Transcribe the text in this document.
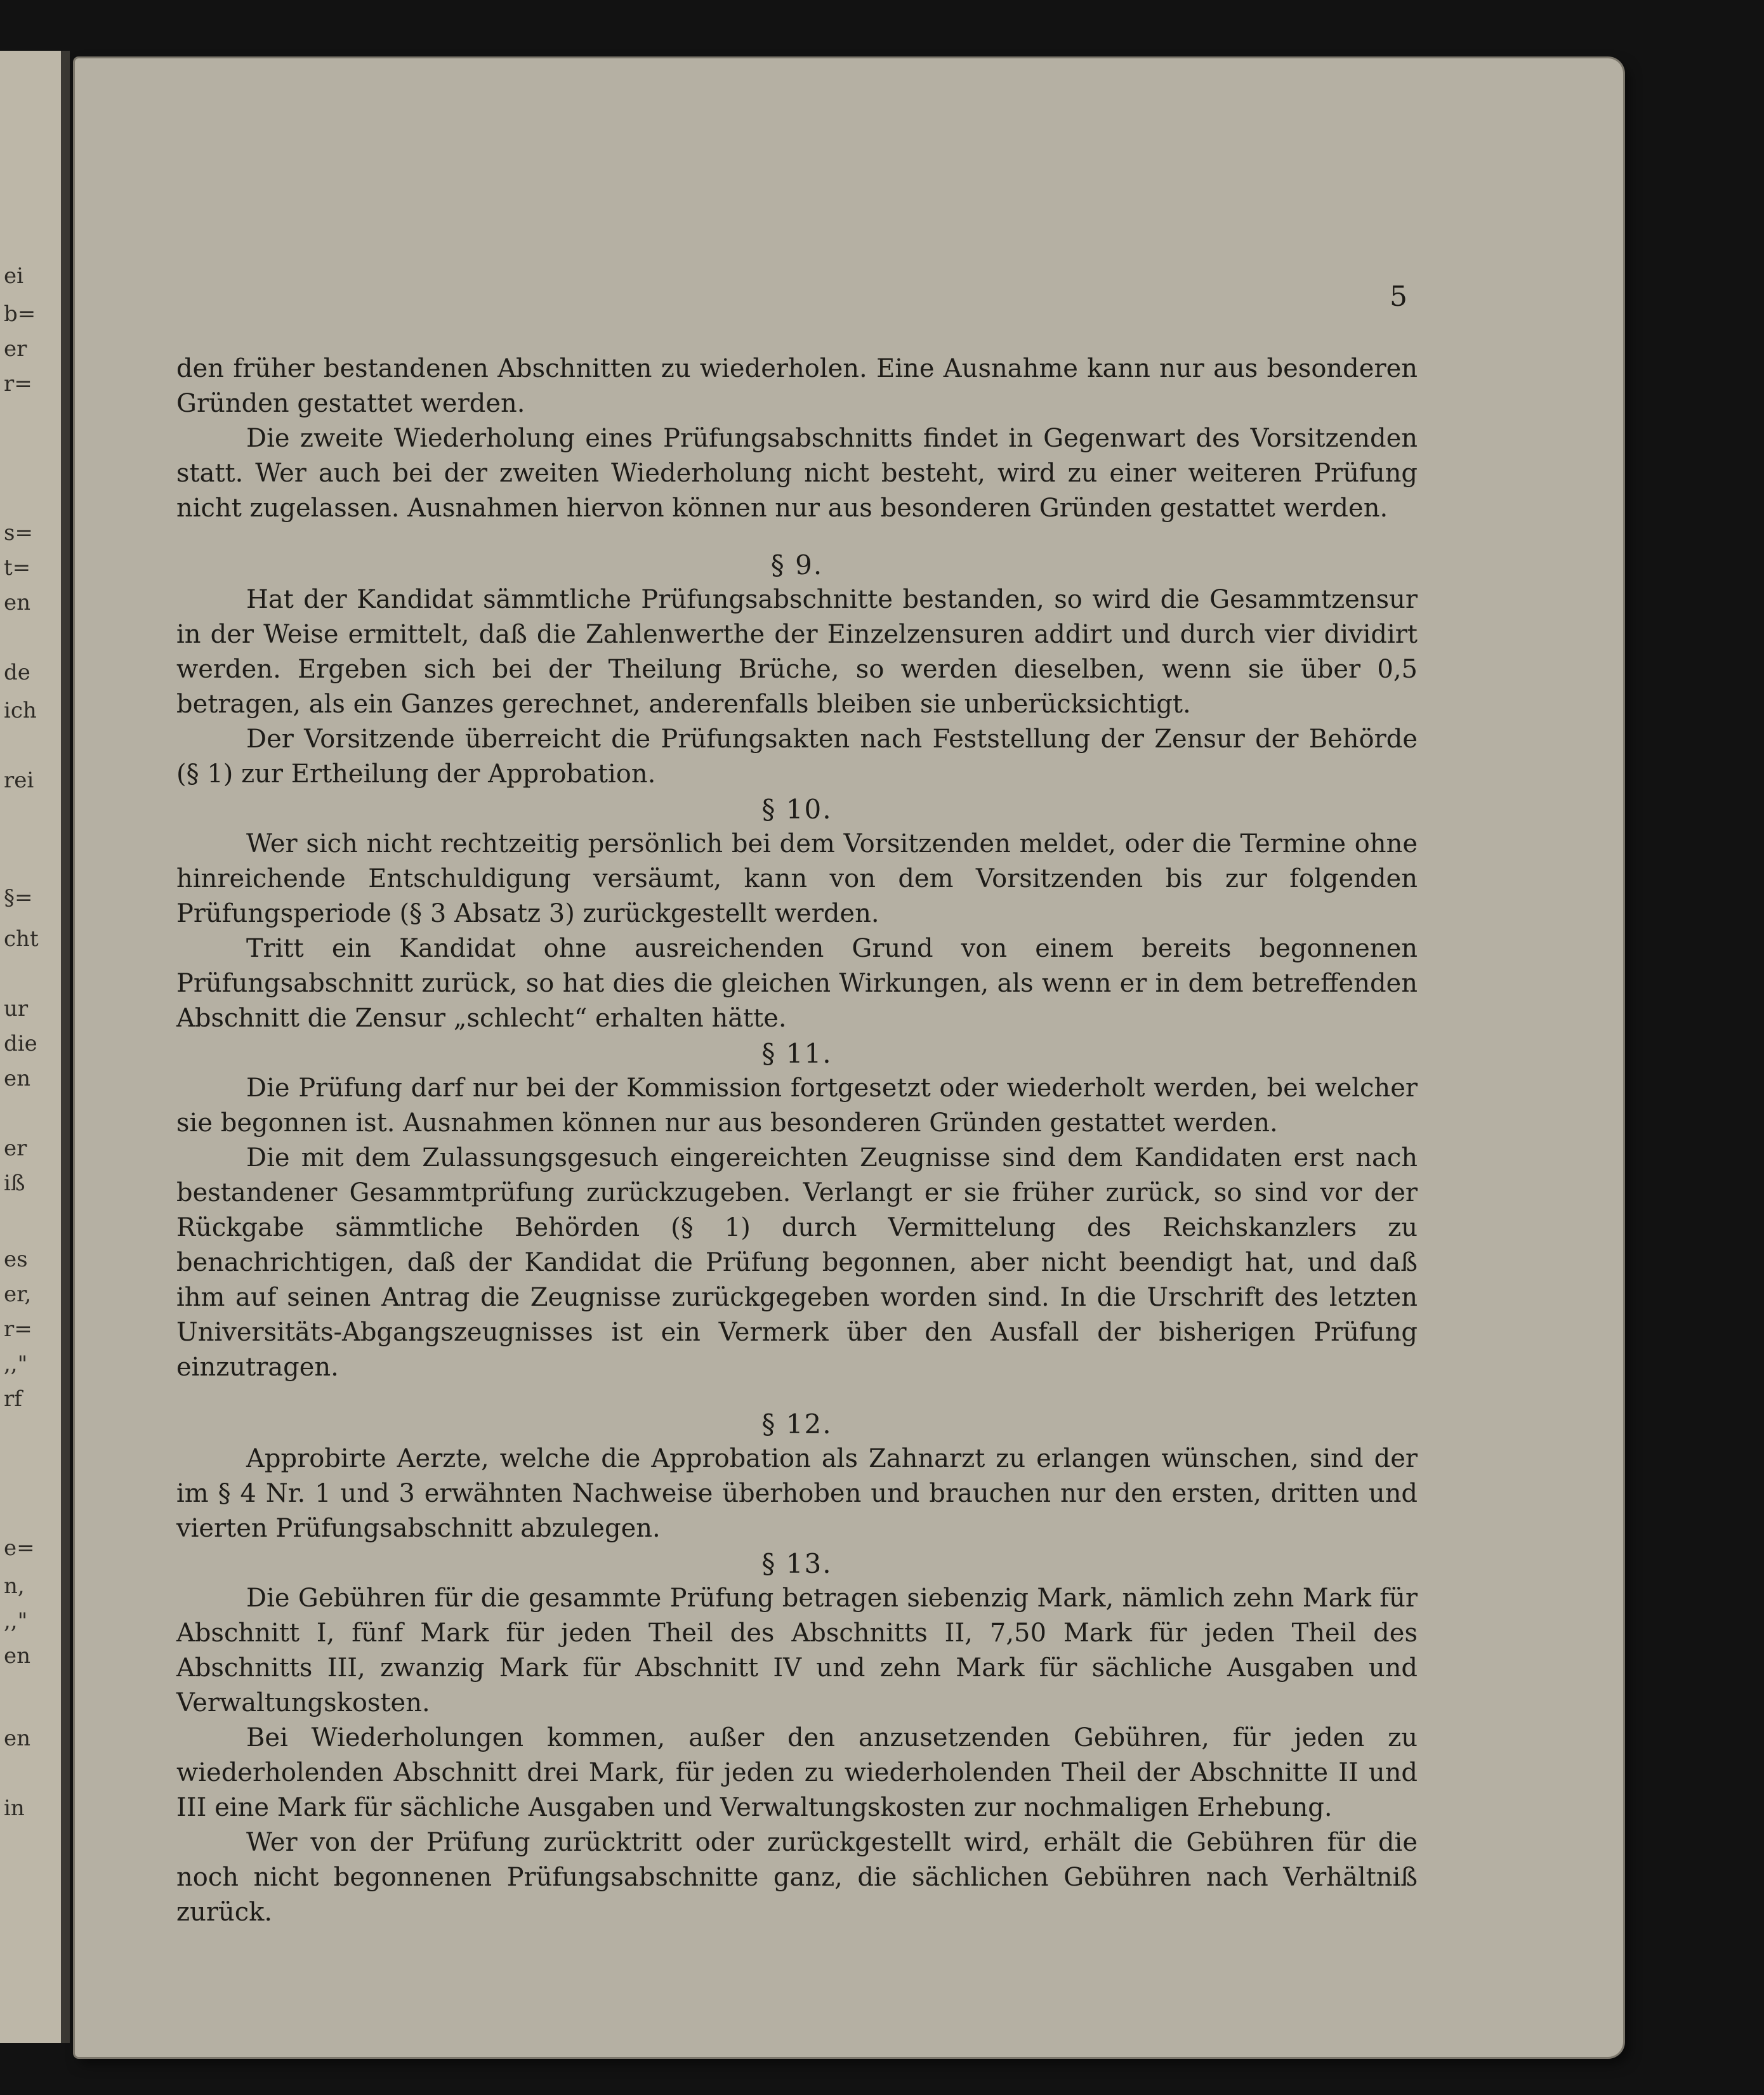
ei
b=
er
r=
s=
t=
en
de
ich
rei
§=
cht
ur
die
en
er
iß
es
er,
r=
,,"
rf
e=
n,
,,"
en
en
in
5

den früher bestandenen Abschnitten zu wiederholen. Eine Ausnahme kann nur aus besonderen Gründen gestattet werden.

Die zweite Wiederholung eines Prüfungsabschnitts findet in Gegenwart des Vorsitzenden statt. Wer auch bei der zweiten Wiederholung nicht besteht, wird zu einer weiteren Prüfung nicht zugelassen. Ausnahmen hiervon können nur aus besonderen Gründen gestattet werden.

§ 9.

Hat der Kandidat sämmtliche Prüfungsabschnitte bestanden, so wird die Gesammtzensur in der Weise ermittelt, daß die Zahlenwerthe der Einzelzensuren addirt und durch vier dividirt werden. Ergeben sich bei der Theilung Brüche, so werden dieselben, wenn sie über 0,5 betragen, als ein Ganzes gerechnet, anderenfalls bleiben sie unberücksichtigt.

Der Vorsitzende überreicht die Prüfungsakten nach Feststellung der Zensur der Behörde (§ 1) zur Ertheilung der Approbation.

§ 10.

Wer sich nicht rechtzeitig persönlich bei dem Vorsitzenden meldet, oder die Termine ohne hinreichende Entschuldigung versäumt, kann von dem Vorsitzenden bis zur folgenden Prüfungsperiode (§ 3 Absatz 3) zurückgestellt werden.

Tritt ein Kandidat ohne ausreichenden Grund von einem bereits begonnenen Prüfungsabschnitt zurück, so hat dies die gleichen Wirkungen, als wenn er in dem betreffenden Abschnitt die Zensur „schlecht“ erhalten hätte.

§ 11.

Die Prüfung darf nur bei der Kommission fortgesetzt oder wiederholt werden, bei welcher sie begonnen ist. Ausnahmen können nur aus besonderen Gründen gestattet werden.

Die mit dem Zulassungsgesuch eingereichten Zeugnisse sind dem Kandidaten erst nach bestandener Gesammtprüfung zurückzugeben. Verlangt er sie früher zurück, so sind vor der Rückgabe sämmtliche Behörden (§ 1) durch Vermittelung des Reichskanzlers zu benachrichtigen, daß der Kandidat die Prüfung begonnen, aber nicht beendigt hat, und daß ihm auf seinen Antrag die Zeugnisse zurückgegeben worden sind. In die Urschrift des letzten Universitäts-Abgangszeugnisses ist ein Vermerk über den Ausfall der bisherigen Prüfung einzutragen.

§ 12.

Approbirte Aerzte, welche die Approbation als Zahnarzt zu erlangen wünschen, sind der im § 4 Nr. 1 und 3 erwähnten Nachweise überhoben und brauchen nur den ersten, dritten und vierten Prüfungsabschnitt abzulegen.

§ 13.

Die Gebühren für die gesammte Prüfung betragen siebenzig Mark, nämlich zehn Mark für Abschnitt I, fünf Mark für jeden Theil des Abschnitts II, 7,50 Mark für jeden Theil des Abschnitts III, zwanzig Mark für Abschnitt IV und zehn Mark für sächliche Ausgaben und Verwaltungskosten.

Bei Wiederholungen kommen, außer den anzusetzenden Gebühren, für jeden zu wiederholenden Abschnitt drei Mark, für jeden zu wiederholenden Theil der Abschnitte II und III eine Mark für sächliche Ausgaben und Verwaltungskosten zur nochmaligen Erhebung.

Wer von der Prüfung zurücktritt oder zurückgestellt wird, erhält die Gebühren für die noch nicht begonnenen Prüfungsabschnitte ganz, die sächlichen Gebühren nach Verhältniß zurück.
